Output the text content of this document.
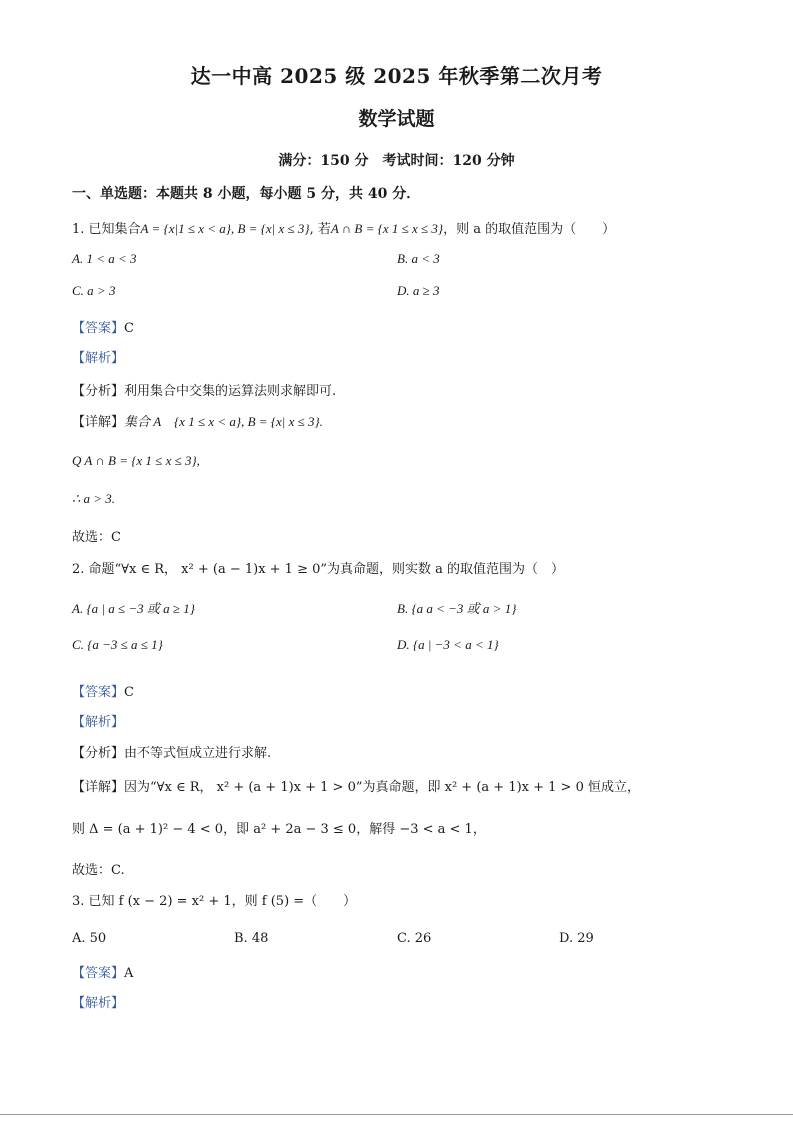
达一中高 2025 级 2025 年秋季第二次月考
数学试题
满分：150 分　考试时间：120 分钟
一、单选题：本题共 8 小题，每小题 5 分，共 40 分．
1. 已知集合A = {x|1 ≤ x < a}, B = {x| x ≤ 3}, 若A ∩ B = {x 1 ≤ x ≤ 3}，则 a 的取值范围为（　　）
A. 1 < a < 3	B. a < 3
C. a > 3	D. a ≥ 3
【答案】C
【解析】
【分析】利用集合中交集的运算法则求解即可.
【详解】集合 A　{x 1 ≤ x < a}, B = {x| x ≤ 3}.
Q A ∩ B = {x 1 ≤ x ≤ 3},
∴ a > 3.
故选：C
2. 命题“∀x ∈ R， x² + (a − 1)x + 1 ≥ 0”为真命题，则实数 a 的取值范围为（　）
A. {a | a ≤ −3 或 a ≥ 1}	B. {a a < −3 或 a > 1}
C. {a −3 ≤ a ≤ 1}	D. {a | −3 < a < 1}
【答案】C
【解析】
【分析】由不等式恒成立进行求解.
【详解】因为“∀x ∈ R， x² + (a + 1)x + 1 > 0”为真命题，即 x² + (a + 1)x + 1 > 0 恒成立，
则 Δ = (a + 1)² − 4 < 0，即 a² + 2a − 3 ≤ 0，解得 −3 < a < 1，
故选：C.
3. 已知 f (x − 2) = x² + 1，则 f (5) =（　　）
A. 50	B. 48	C. 26	D. 29
【答案】A
【解析】
